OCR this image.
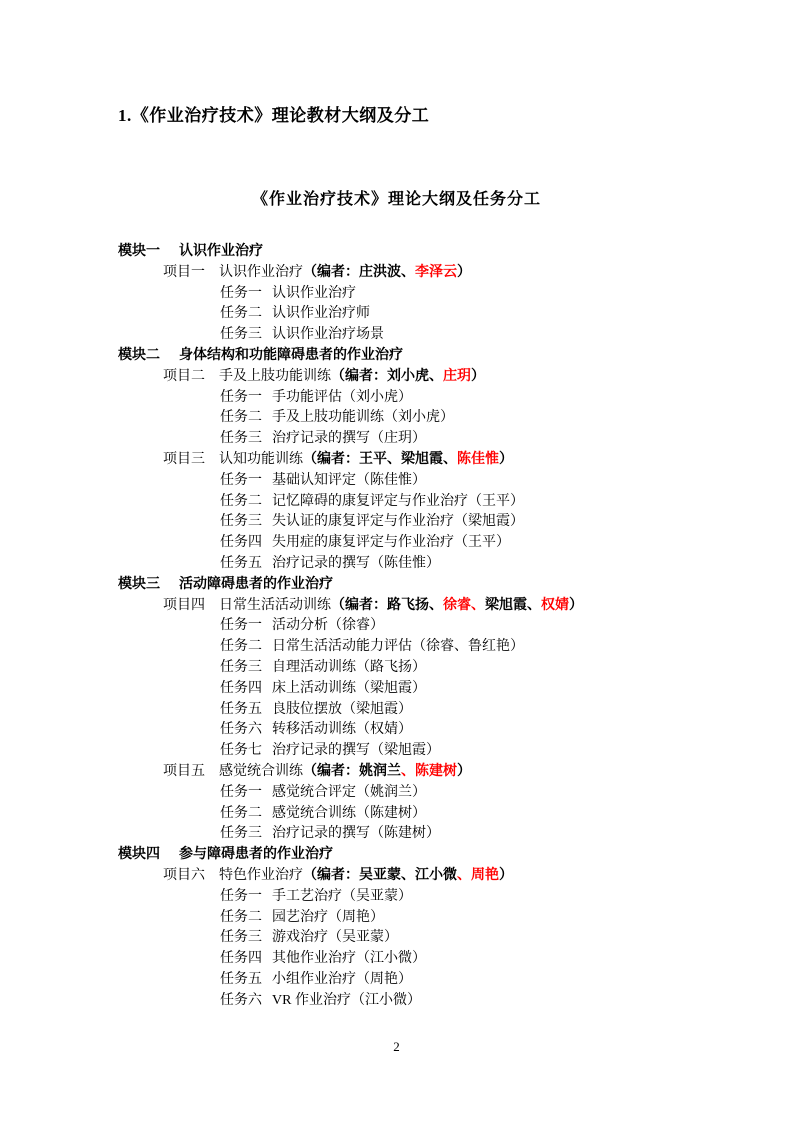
1.《作业治疗技术》理论教材大纲及分工
《作业治疗技术》理论大纲及任务分工
模块一 认识作业治疗
项目一 认识作业治疗（编者：庄洪波、李泽云）
任务一 认识作业治疗
任务二 认识作业治疗师
任务三 认识作业治疗场景
模块二 身体结构和功能障碍患者的作业治疗
项目二 手及上肢功能训练（编者：刘小虎、庄玥）
任务一 手功能评估（刘小虎）
任务二 手及上肢功能训练（刘小虎）
任务三 治疗记录的撰写（庄玥）
项目三 认知功能训练（编者：王平、梁旭霞、陈佳惟）
任务一 基础认知评定（陈佳惟）
任务二 记忆障碍的康复评定与作业治疗（王平）
任务三 失认证的康复评定与作业治疗（梁旭霞）
任务四 失用症的康复评定与作业治疗（王平）
任务五 治疗记录的撰写（陈佳惟）
模块三 活动障碍患者的作业治疗
项目四 日常生活活动训练（编者：路飞扬、徐睿、梁旭霞、权婧）
任务一 活动分析（徐睿）
任务二 日常生活活动能力评估（徐睿、鲁红艳）
任务三 自理活动训练（路飞扬）
任务四 床上活动训练（梁旭霞）
任务五 良肢位摆放（梁旭霞）
任务六 转移活动训练（权婧）
任务七 治疗记录的撰写（梁旭霞）
项目五 感觉统合训练（编者：姚润兰、陈建树）
任务一 感觉统合评定（姚润兰）
任务二 感觉统合训练（陈建树）
任务三 治疗记录的撰写（陈建树）
模块四 参与障碍患者的作业治疗
项目六 特色作业治疗（编者：吴亚蒙、江小微、周艳）
任务一 手工艺治疗（吴亚蒙）
任务二 园艺治疗（周艳）
任务三 游戏治疗（吴亚蒙）
任务四 其他作业治疗（江小微）
任务五 小组作业治疗（周艳）
任务六 VR 作业治疗（江小微）
2
